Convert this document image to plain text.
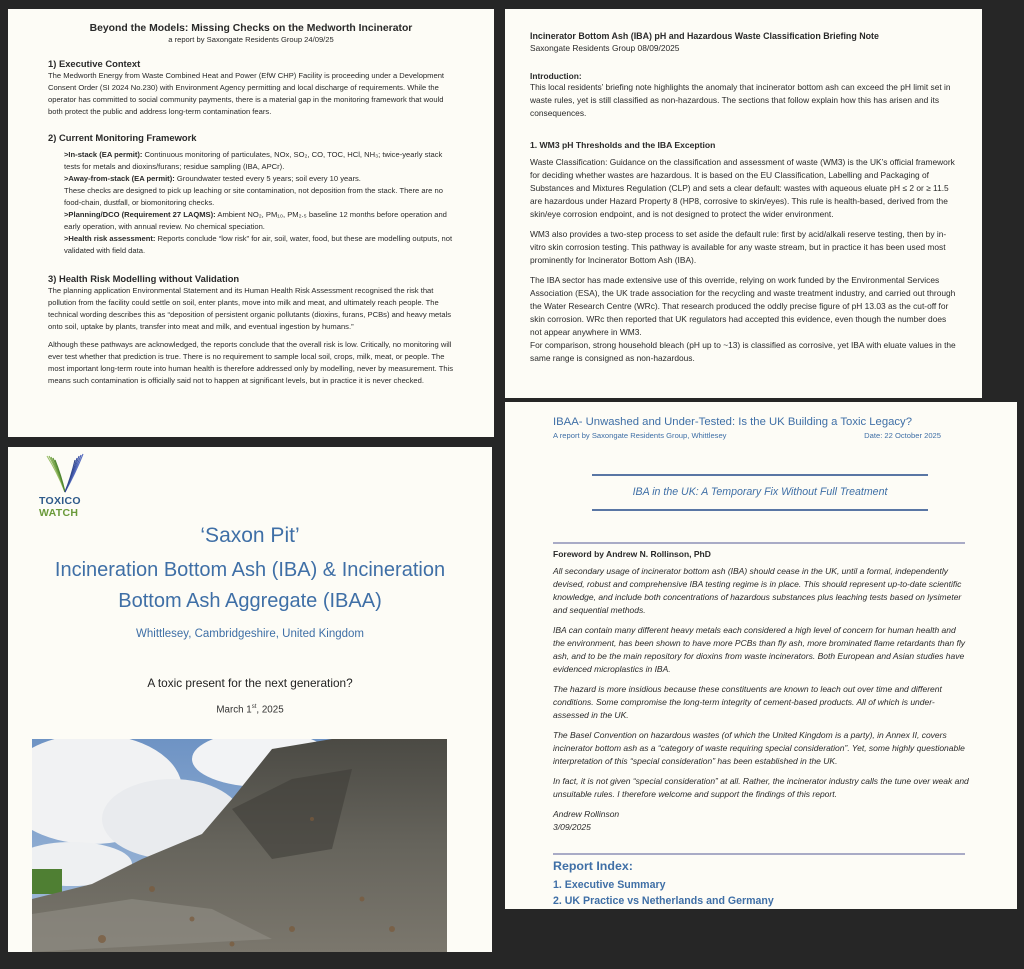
Beyond the Models: Missing Checks on the Medworth Incinerator
a report by Saxongate Residents Group 24/09/25
1) Executive Context

The Medworth Energy from Waste Combined Heat and Power (EfW CHP) Facility is proceeding under a Development Consent Order (SI 2024 No.230) with Environment Agency permitting and local discharge of requirements. While the operator has committed to social community payments, there is a material gap in the monitoring framework that would both protect the public and address long-term contamination fears.

2) Current Monitoring Framework

>In-stack (EA permit): Continuous monitoring of particulates, NOx, SO₂, CO, TOC, HCl, NH₃; twice-yearly stack tests for metals and dioxins/furans; residue sampling (IBA, APCr).

>Away-from-stack (EA permit): Groundwater tested every 5 years; soil every 10 years.

These checks are designed to pick up leaching or site contamination, not deposition from the stack. There are no food-chain, dustfall, or biomonitoring checks.

>Planning/DCO (Requirement 27 LAQMS): Ambient NO₂, PM₁₀, PM₂.₅ baseline 12 months before operation and early operation, with annual review. No chemical speciation.

>Health risk assessment: Reports conclude “low risk” for air, soil, water, food, but these are modelling outputs, not validated with field data.

3) Health Risk Modelling without Validation

The planning application Environmental Statement and its Human Health Risk Assessment recognised the risk that pollution from the facility could settle on soil, enter plants, move into milk and meat, and ultimately reach people. The technical wording describes this as “deposition of persistent organic pollutants (dioxins, furans, PCBs) and heavy metals onto soil, uptake by plants, transfer into meat and milk, and eventual ingestion by humans.”

Although these pathways are acknowledged, the reports conclude that the overall risk is low. Critically, no monitoring will ever test whether that prediction is true. There is no requirement to sample local soil, crops, milk, meat, or people. The most important long-term route into human health is therefore addressed only by modelling, never by measurement. This means such contamination is officially said not to happen at significant levels, but in practice it is never checked.

Incinerator Bottom Ash (IBA) pH and Hazardous Waste Classification Briefing Note
Saxongate Residents Group 08/09/2025
Introduction:

This local residents’ briefing note highlights the anomaly that incinerator bottom ash can exceed the pH limit set in waste rules, yet is still classified as non-hazardous. The sections that follow explain how this has arisen and its consequences.

1. WM3 pH Thresholds and the IBA Exception

Waste Classification: Guidance on the classification and assessment of waste (WM3) is the UK’s official framework for deciding whether wastes are hazardous. It is based on the EU Classification, Labelling and Packaging of Substances and Mixtures Regulation (CLP) and sets a clear default: wastes with aqueous eluate pH ≤ 2 or ≥ 11.5 are hazardous under Hazard Property 8 (HP8, corrosive to skin/eyes). This rule is health-based, derived from the skin/eye corrosion endpoint, and is not designed to protect the wider environment.

WM3 also provides a two-step process to set aside the default rule: first by acid/alkali reserve testing, then by in-vitro skin corrosion testing. This pathway is available for any waste stream, but in practice it has been used most prominently for Incinerator Bottom Ash (IBA).

The IBA sector has made extensive use of this override, relying on work funded by the Environmental Services Association (ESA), the UK trade association for the recycling and waste treatment industry, and carried out through the Water Research Centre (WRc). That research produced the oddly precise figure of pH 13.03 as the cut-off for skin corrosion. WRc then reported that UK regulators had accepted this evidence, even though the number does not appear anywhere in WM3.

For comparison, strong household bleach (pH up to ~13) is classified as corrosive, yet IBA with eluate values in the same range is consigned as non-hazardous.

TOXICO
WATCH
‘Saxon Pit’
Incineration Bottom Ash (IBA) & Incineration
Bottom Ash Aggregate (IBAA)
Whittlesey, Cambridgeshire, United Kingdom
A toxic present for the next generation?
March 1st, 2025
IBAA- Unwashed and Under-Tested: Is the UK Building a Toxic Legacy?
A report by Saxongate Residents Group, Whittlesey	Date: 22 October 2025
IBA in the UK: A Temporary Fix Without Full Treatment
Foreword by Andrew N. Rollinson, PhD

All secondary usage of incinerator bottom ash (IBA) should cease in the UK, until a formal, independently devised, robust and comprehensive IBA testing regime is in place. This should represent up-to-date scientific knowledge, and include both concentrations of hazardous substances plus leaching tests based on lysimeter and sequential methods.

IBA can contain many different heavy metals each considered a high level of concern for human health and the environment, has been shown to have more PCBs than fly ash, more brominated flame retardants than fly ash, and to be the main repository for dioxins from waste incinerators. Both European and Asian studies have evidenced microplastics in IBA.

The hazard is more insidious because these constituents are known to leach out over time and different conditions. Some compromise the long-term integrity of cement-based products. All of which is under-assessed in the UK.

The Basel Convention on hazardous wastes (of which the United Kingdom is a party), in Annex II, covers incinerator bottom ash as a “category of waste requiring special consideration”. Yet, some highly questionable interpretation of this “special consideration” has been established in the UK.

In fact, it is not given “special consideration” at all. Rather, the incinerator industry calls the tune over weak and unsuitable rules. I therefore welcome and support the findings of this report.

Andrew Rollinson
3/09/2025
Report Index:
1. Executive Summary
2. UK Practice vs Netherlands and Germany
